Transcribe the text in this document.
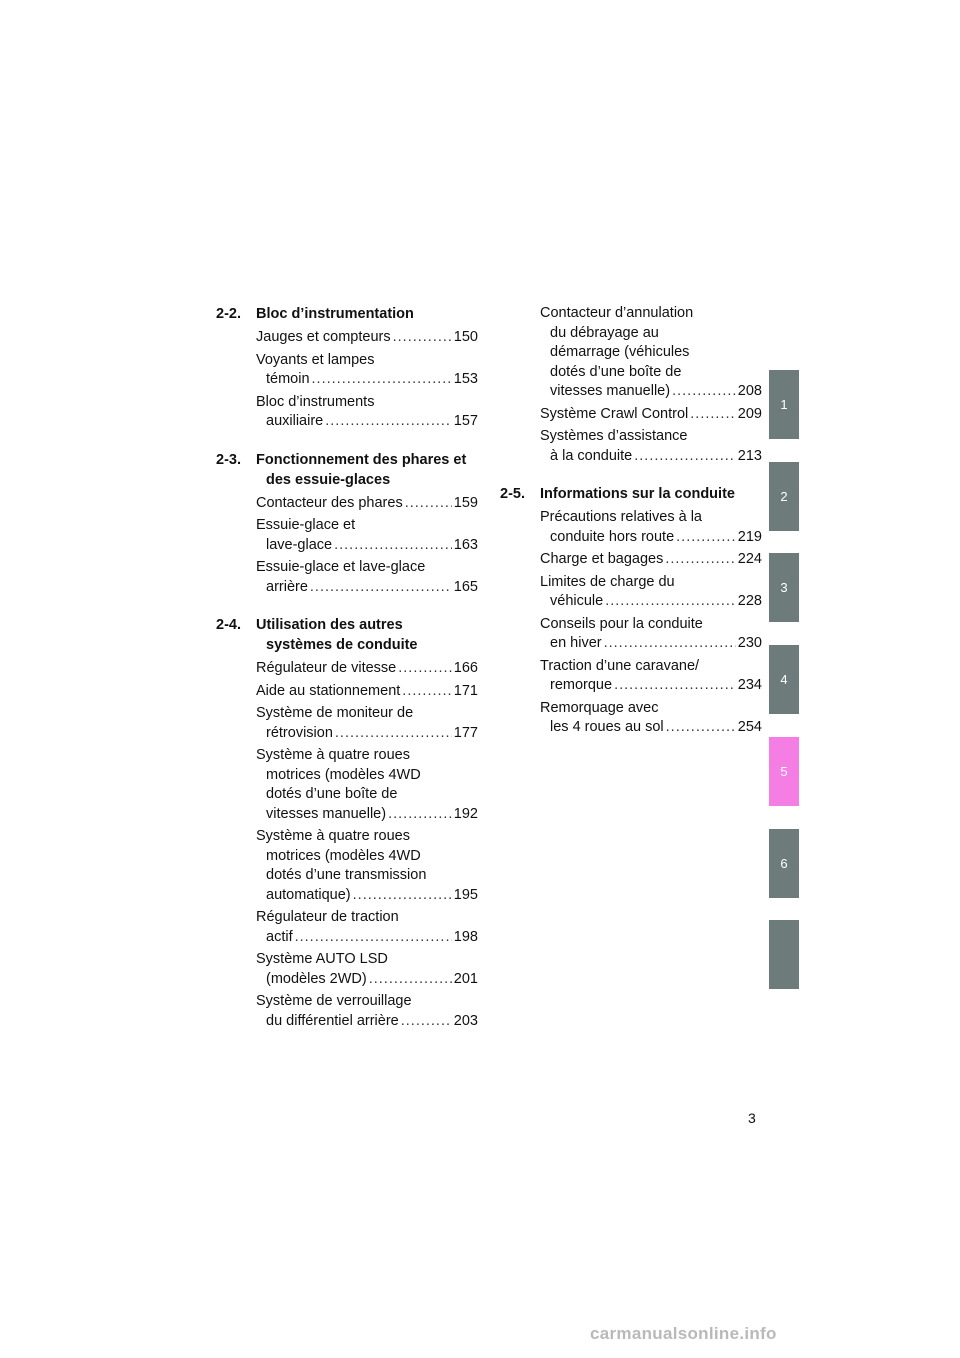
2-2.	Bloc d’instrumentation
Jauges et compteurs .....	150
Voyants et lampes
témoin .....	153
Bloc d’instruments
auxiliaire .....	157
2-3.	Fonctionnement des phares et
des essuie-glaces
Contacteur des phares .....	159
Essuie-glace et
lave-glace .....	163
Essuie-glace et lave-glace
arrière .....	165
2-4.	Utilisation des autres
systèmes de conduite
Régulateur de vitesse .....	166
Aide au stationnement .....	171
Système de moniteur de
rétrovision .....	177
Système à quatre roues
motrices (modèles 4WD
dotés d’une boîte de
vitesses manuelle) .....	192
Système à quatre roues
motrices (modèles 4WD
dotés d’une transmission
automatique) .....	195
Régulateur de traction
actif .....	198
Système AUTO LSD
(modèles 2WD) .....	201
Système de verrouillage
du différentiel arrière .....	203
Contacteur d’annulation
du débrayage au
démarrage (véhicules
dotés d’une boîte de
vitesses manuelle) .....	208
Système Crawl Control .....	209
Systèmes d’assistance
à la conduite .....	213
2-5.	Informations sur la conduite
Précautions relatives à la
conduite hors route .....	219
Charge et bagages .....	224
Limites de charge du
véhicule .....	228
Conseils pour la conduite
en hiver .....	230
Traction d’une caravane/
remorque .....	234
Remorquage avec
les 4 roues au sol .....	254
1
2
3
4
5
6
3
carmanualsonline.info
